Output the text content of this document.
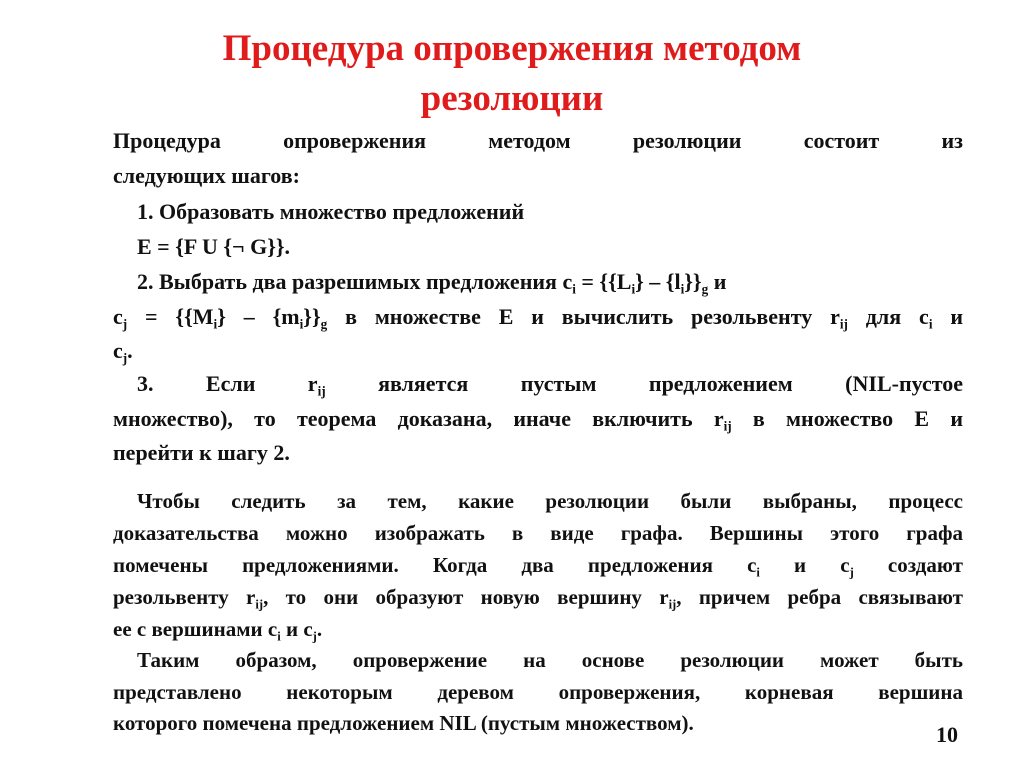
Процедура опровержения методом
резолюции
Процедура опровержения методом резолюции состоит из
следующих шагов:
1. Образовать множество предложений
E = {F U {¬ G}}.
2. Выбрать два разрешимых предложения $c_i = \{\{L_i\} - \{l_i\}\}_g$ и
$c_j = \{\{M_i\} - \{m_i\}\}_g$ в множестве E и вычислить резольвенту $r_{ij}$ для $c_i$ и
$c_j$.
3. Если $r_{ij}$ является пустым предложением (NIL-пустое
множество), то теорема доказана, иначе включить $r_{ij}$ в множество E и
перейти к шагу 2.
Чтобы следить за тем, какие резолюции были выбраны, процесс
доказательства можно изображать в виде графа. Вершины этого графа
помечены предложениями. Когда два предложения $c_i$ и $c_j$ создают
резольвенту $r_{ij}$, то они образуют новую вершину $r_{ij}$, причем ребра связывают
ее с вершинами $c_i$ и $c_j$.
Таким образом, опровержение на основе резолюции может быть
представлено некоторым деревом опровержения, корневая вершина
которого помечена предложением NIL (пустым множеством).	10
